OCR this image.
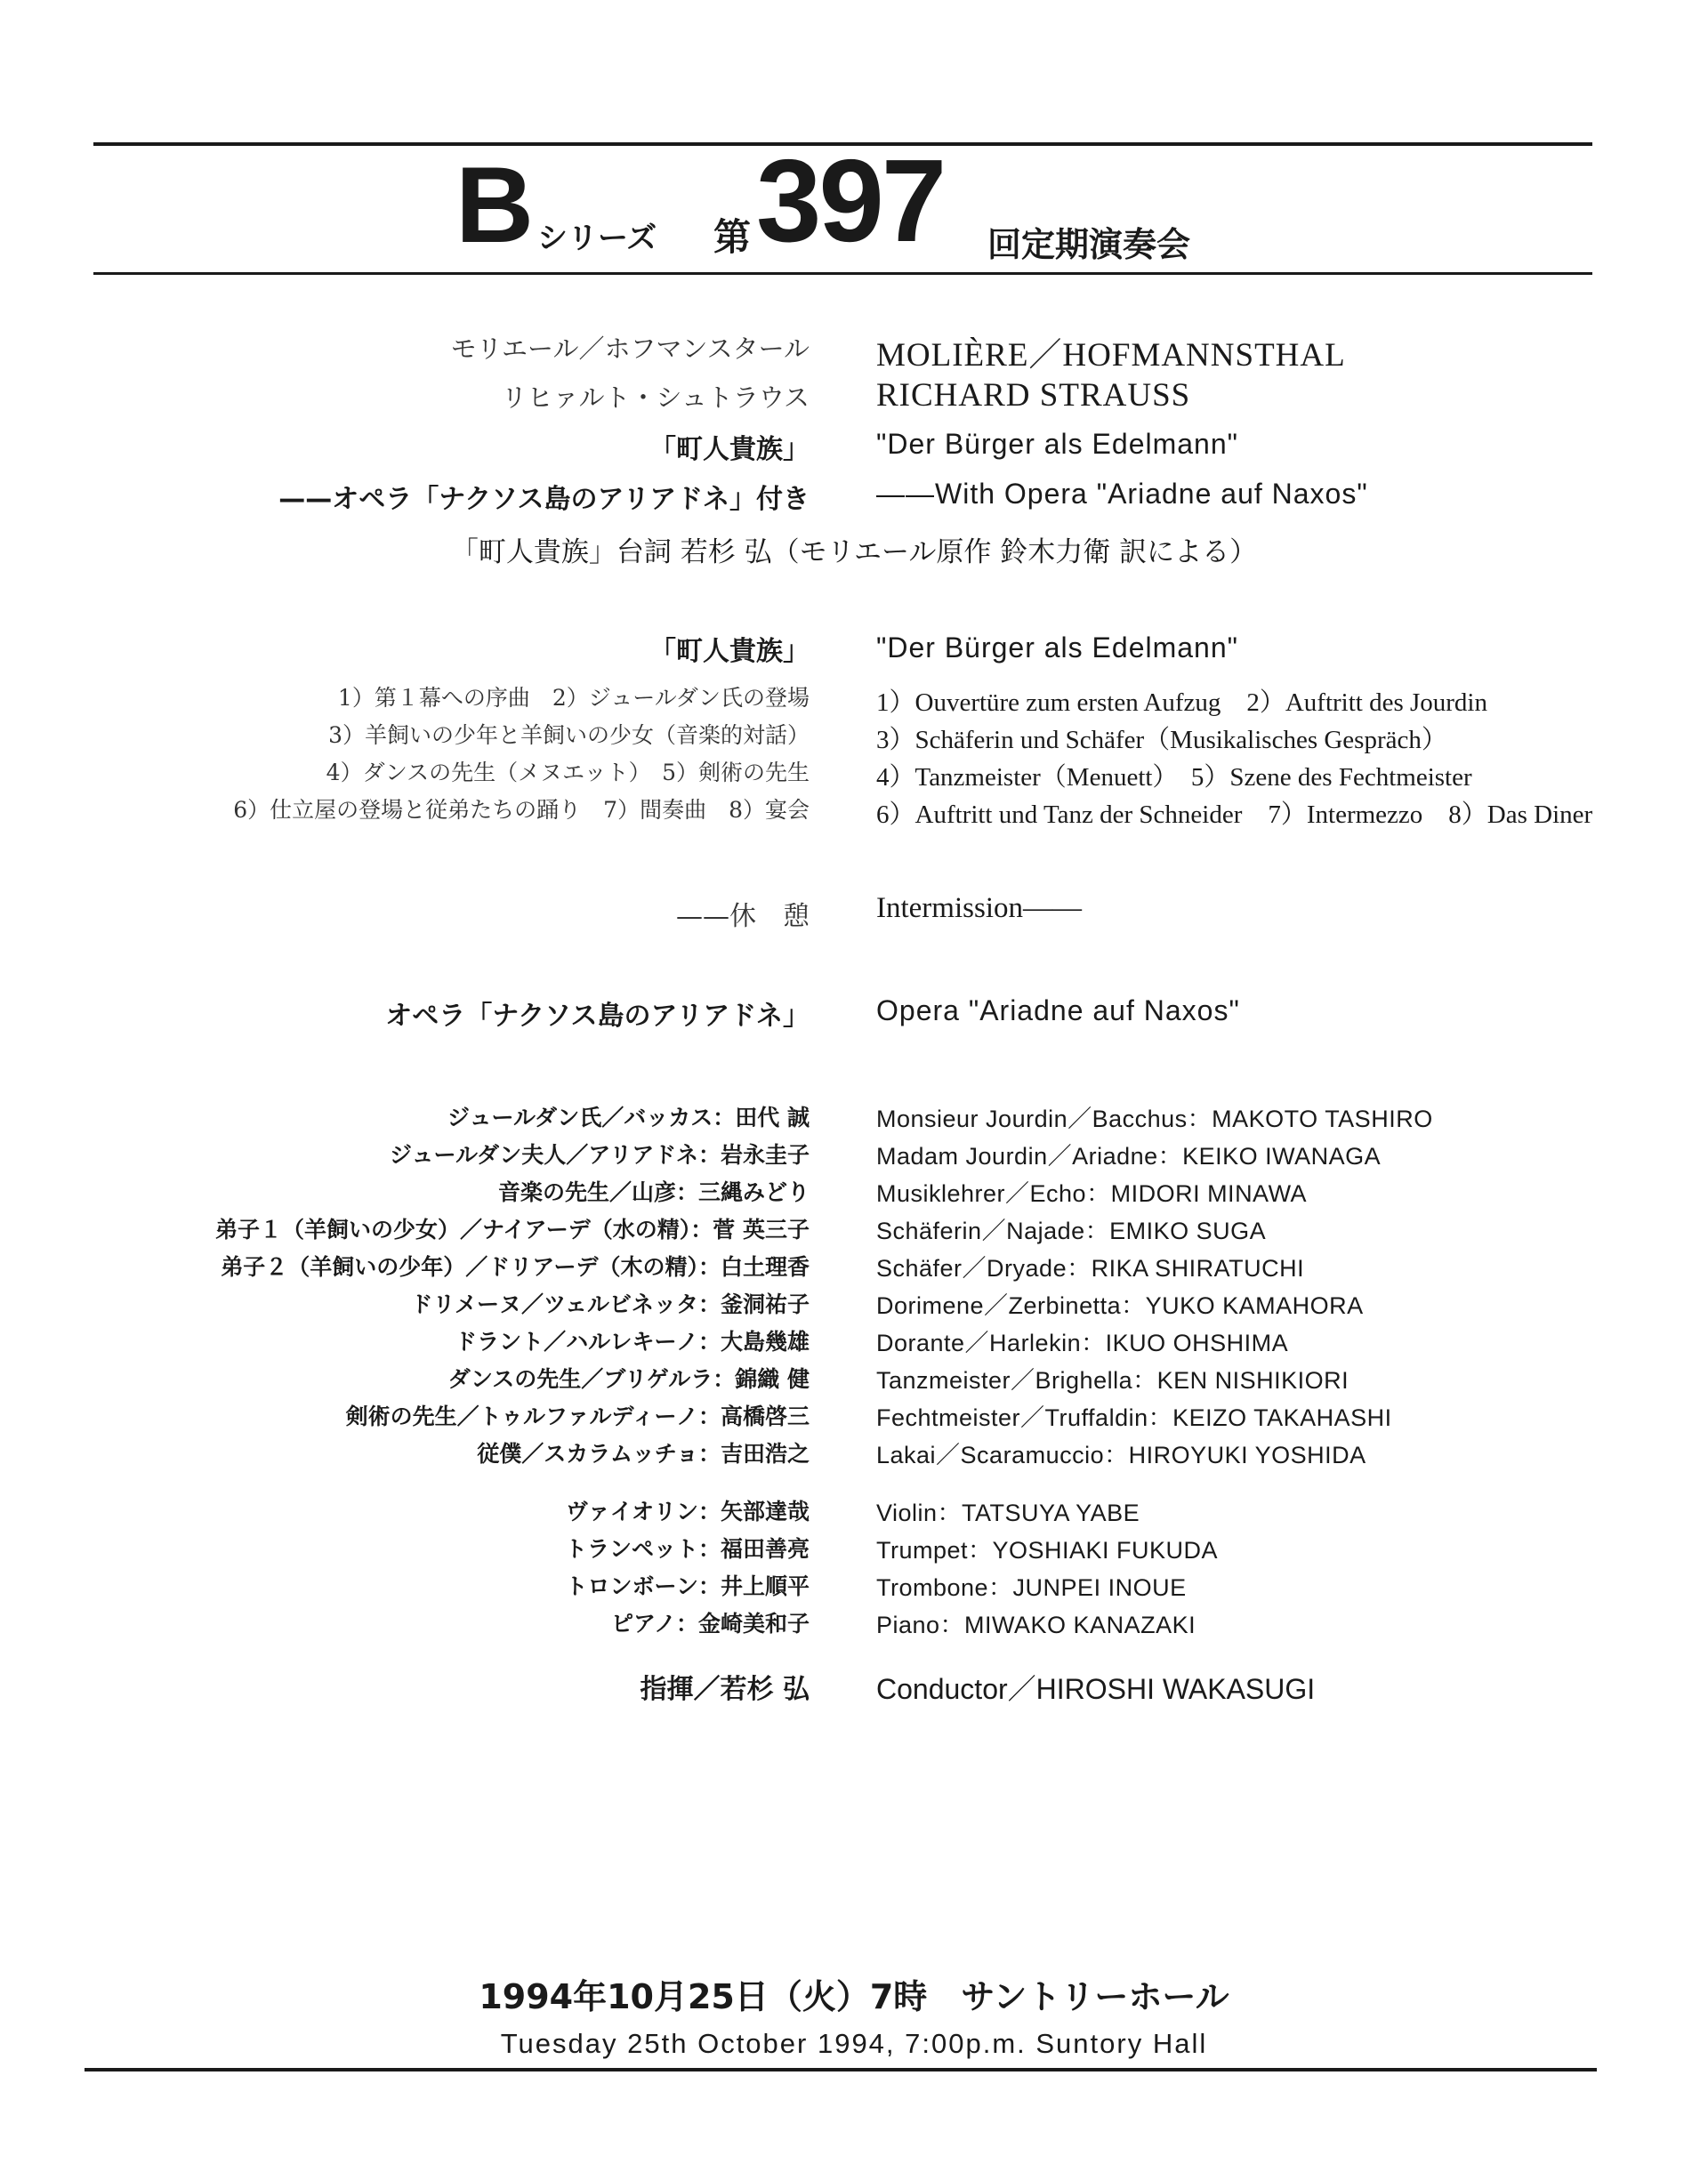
B シリーズ 第 397 回定期演奏会
モリエール／ホフマンスタール MOLIÈRE／HOFMANNSTHAL
リヒァルト・シュトラウス RICHARD STRAUSS
「町人貴族」 "Der Bürger als Edelmann"
——オペラ「ナクソス島のアリアドネ」付き ——With Opera "Ariadne auf Naxos"
「町人貴族」台詞 若杉 弘（モリエール原作 鈴木力衛 訳による）
「町人貴族」 "Der Bürger als Edelmann"
1）第１幕への序曲　2）ジュールダン氏の登場	1）Ouvertüre zum ersten Aufzug　2）Auftritt des Jourdin
3）羊飼いの少年と羊飼いの少女（音楽的対話）	3）Schäferin und Schäfer（Musikalisches Gespräch）
4）ダンスの先生（メヌエット）　5）剣術の先生	4）Tanzmeister（Menuett）　5）Szene des Fechtmeister
6）仕立屋の登場と従弟たちの踊り　7）間奏曲　8）宴会	6）Auftritt und Tanz der Schneider　7）Intermezzo　8）Das Diner
——休　憩 Intermission——
オペラ「ナクソス島のアリアドネ」 Opera "Ariadne auf Naxos"
ジュールダン氏／バッカス：田代 誠	Monsieur Jourdin／Bacchus：MAKOTO TASHIRO
ジュールダン夫人／アリアドネ：岩永圭子	Madam Jourdin／Ariadne：KEIKO IWANAGA
音楽の先生／山彦：三縄みどり	Musiklehrer／Echo：MIDORI MINAWA
弟子１（羊飼いの少女）／ナイアーデ（水の精）：菅 英三子	Schäferin／Najade：EMIKO SUGA
弟子２（羊飼いの少年）／ドリアーデ（木の精）：白土理香	Schäfer／Dryade：RIKA SHIRATUCHI
ドリメーヌ／ツェルビネッタ：釜洞祐子	Dorimene／Zerbinetta：YUKO KAMAHORA
ドラント／ハルレキーノ：大島幾雄	Dorante／Harlekin：IKUO OHSHIMA
ダンスの先生／ブリゲルラ：錦織 健	Tanzmeister／Brighella：KEN NISHIKIORI
剣術の先生／トゥルファルディーノ：高橋啓三	Fechtmeister／Truffaldin：KEIZO TAKAHASHI
従僕／スカラムッチョ：吉田浩之	Lakai／Scaramuccio：HIROYUKI YOSHIDA
ヴァイオリン：矢部達哉	Violin：TATSUYA YABE
トランペット：福田善亮	Trumpet：YOSHIAKI FUKUDA
トロンボーン：井上順平	Trombone：JUNPEI INOUE
ピアノ：金崎美和子	Piano：MIWAKO KANAZAKI
指揮／若杉 弘 Conductor／HIROSHI WAKASUGI
1994年10月25日（火）7時　サントリーホール
Tuesday 25th October 1994, 7:00p.m. Suntory Hall
